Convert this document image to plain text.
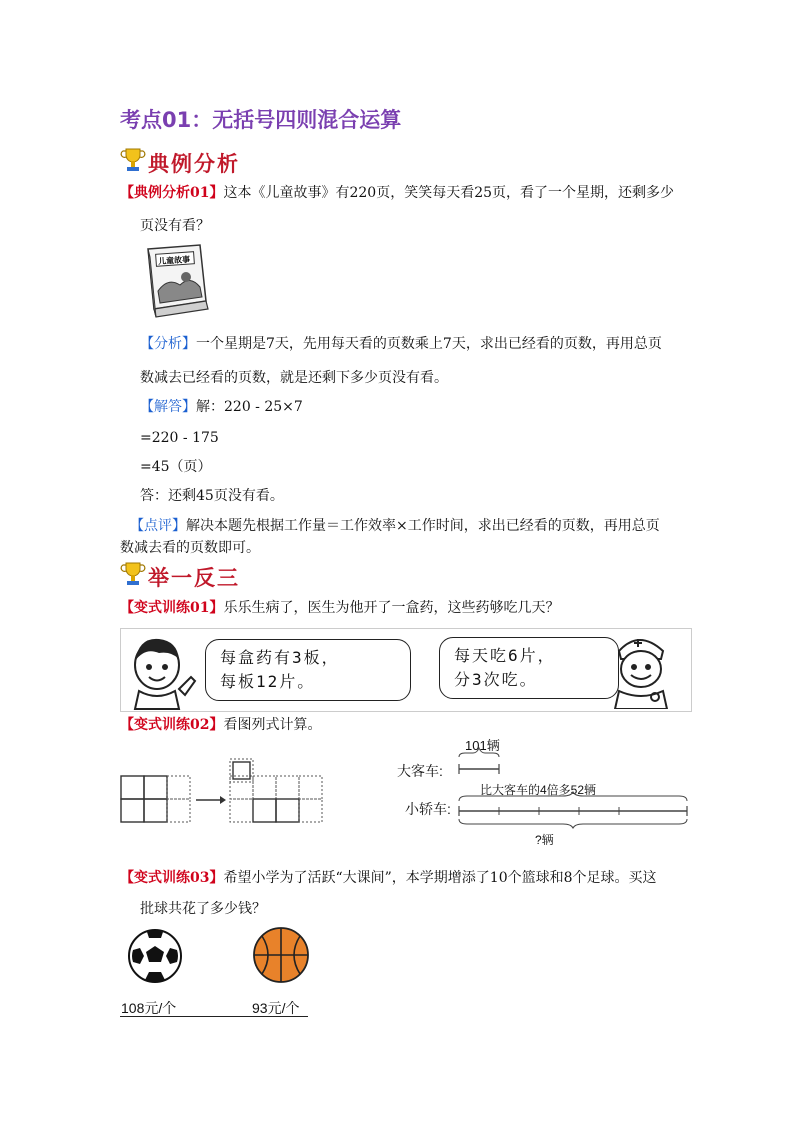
考点01：无括号四则混合运算
典例分析
【典例分析01】这本《儿童故事》有220页，笑笑每天看25页，看了一个星期，还剩多少
页没有看？
儿童故事
【分析】一个星期是7天，先用每天看的页数乘上7天，求出已经看的页数，再用总页
数减去已经看的页数，就是还剩下多少页没有看。
【解答】解：220 - 25×7
=220 - 175
=45（页）
答：还剩45页没有看。
【点评】解决本题先根据工作量＝工作效率×工作时间，求出已经看的页数，再用总页
数减去看的页数即可。
举一反三
【变式训练01】乐乐生病了，医生为他开了一盒药，这些药够吃几天？
每盒药有3板，
每板12片。
每天吃6片，
分3次吃。
【变式训练02】看图列式计算。
101辆
大客车:
比大客车的4倍多52辆
小轿车:
?辆
【变式训练03】希望小学为了活跃“大课间”，本学期增添了10个篮球和8个足球。买这
批球共花了多少钱？
108元/个	93元/个
